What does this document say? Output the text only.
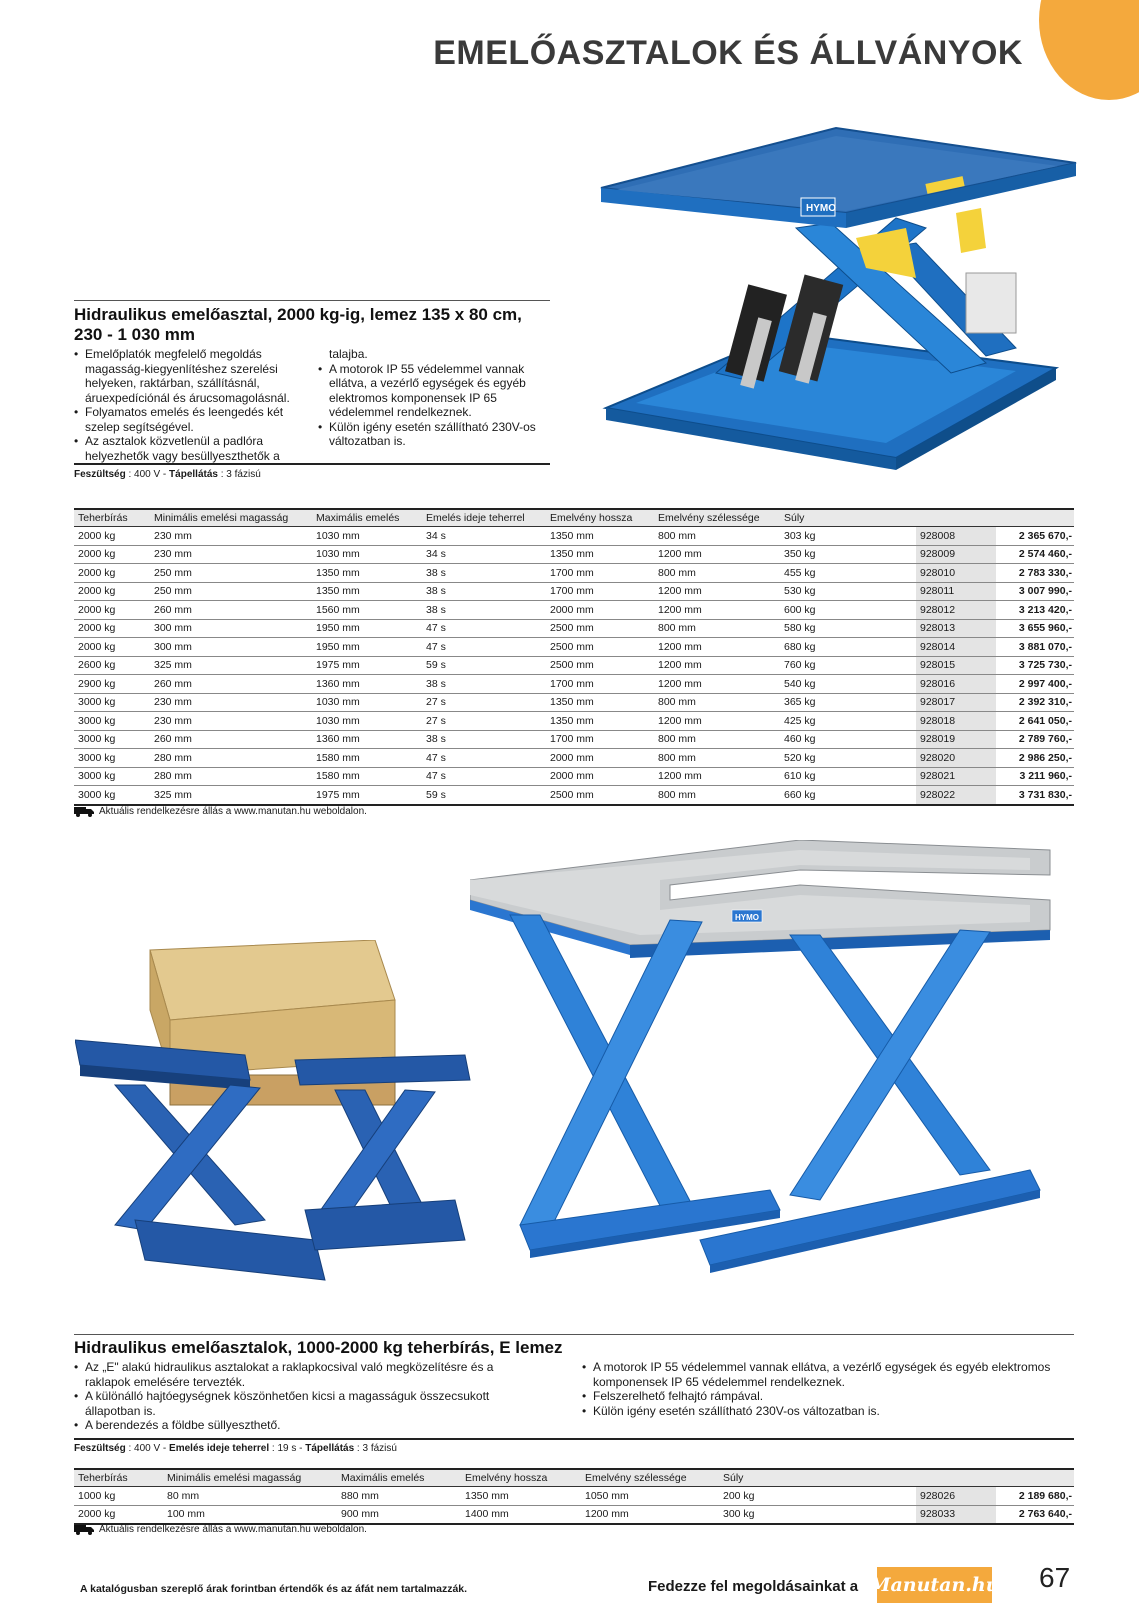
EMELŐASZTALOK ÉS ÁLLVÁNYOK
HYMO
Hidraulikus emelőasztal, 2000 kg-ig, lemez 135 x 80 cm,
230 - 1 030 mm
• Emelőplatók megfelelő megoldás magasság-kiegyenlítéshez szerelési helyeken, raktárban, szállításnál, áruexpedíciónál és árucsomagolásnál.
• Folyamatos emelés és leengedés két szelep segítségével.
• Az asztalok közvetlenül a padlóra helyezhetők vagy besüllyeszthetők a
talajba.
• A motorok IP 55 védelemmel vannak ellátva, a vezérlő egységek és egyéb elektromos komponensek IP 65 védelemmel rendelkeznek.
• Külön igény esetén szállítható 230V-os változatban is.
Feszültség : 400 V - Tápellátás : 3 fázisú
Teherbírás	Minimális emelési magasság	Maximális emelés	Emelés ideje teherrel	Emelvény hossza	Emelvény szélessége	Súly		
2000 kg	230 mm	1030 mm	34 s	1350 mm	800 mm	303 kg	928008	2 365 670,-
2000 kg	230 mm	1030 mm	34 s	1350 mm	1200 mm	350 kg	928009	2 574 460,-
2000 kg	250 mm	1350 mm	38 s	1700 mm	800 mm	455 kg	928010	2 783 330,-
2000 kg	250 mm	1350 mm	38 s	1700 mm	1200 mm	530 kg	928011	3 007 990,-
2000 kg	260 mm	1560 mm	38 s	2000 mm	1200 mm	600 kg	928012	3 213 420,-
2000 kg	300 mm	1950 mm	47 s	2500 mm	800 mm	580 kg	928013	3 655 960,-
2000 kg	300 mm	1950 mm	47 s	2500 mm	1200 mm	680 kg	928014	3 881 070,-
2600 kg	325 mm	1975 mm	59 s	2500 mm	1200 mm	760 kg	928015	3 725 730,-
2900 kg	260 mm	1360 mm	38 s	1700 mm	1200 mm	540 kg	928016	2 997 400,-
3000 kg	230 mm	1030 mm	27 s	1350 mm	800 mm	365 kg	928017	2 392 310,-
3000 kg	230 mm	1030 mm	27 s	1350 mm	1200 mm	425 kg	928018	2 641 050,-
3000 kg	260 mm	1360 mm	38 s	1700 mm	800 mm	460 kg	928019	2 789 760,-
3000 kg	280 mm	1580 mm	47 s	2000 mm	800 mm	520 kg	928020	2 986 250,-
3000 kg	280 mm	1580 mm	47 s	2000 mm	1200 mm	610 kg	928021	3 211 960,-
3000 kg	325 mm	1975 mm	59 s	2500 mm	800 mm	660 kg	928022	3 731 830,-
Aktuális rendelkezésre állás a www.manutan.hu weboldalon.
HYMO
Hidraulikus emelőasztalok, 1000-2000 kg teherbírás, E lemez
• Az „E" alakú hidraulikus asztalokat a raklapkocsival való megközelítésre és a raklapok emelésére tervezték.
• A különálló hajtóegységnek köszönhetően kicsi a magasságuk összecsukott állapotban is.
• A berendezés a földbe süllyeszthető.
• A motorok IP 55 védelemmel vannak ellátva, a vezérlő egységek és egyéb elektromos komponensek IP 65 védelemmel rendelkeznek.
• Felszerelhető felhajtó rámpával.
• Külön igény esetén szállítható 230V-os változatban is.
Feszültség : 400 V - Emelés ideje teherrel : 19 s - Tápellátás : 3 fázisú
Teherbírás	Minimális emelési magasság	Maximális emelés	Emelvény hossza	Emelvény szélessége	Súly		
1000 kg	80 mm	880 mm	1350 mm	1050 mm	200 kg	928026	2 189 680,-
2000 kg	100 mm	900 mm	1400 mm	1200 mm	300 kg	928033	2 763 640,-
Aktuális rendelkezésre állás a www.manutan.hu weboldalon.
A katalógusban szereplő árak forintban értendők és az áfát nem tartalmazzák.	Fedezze fel megoldásainkat a Manutan.hu 67
